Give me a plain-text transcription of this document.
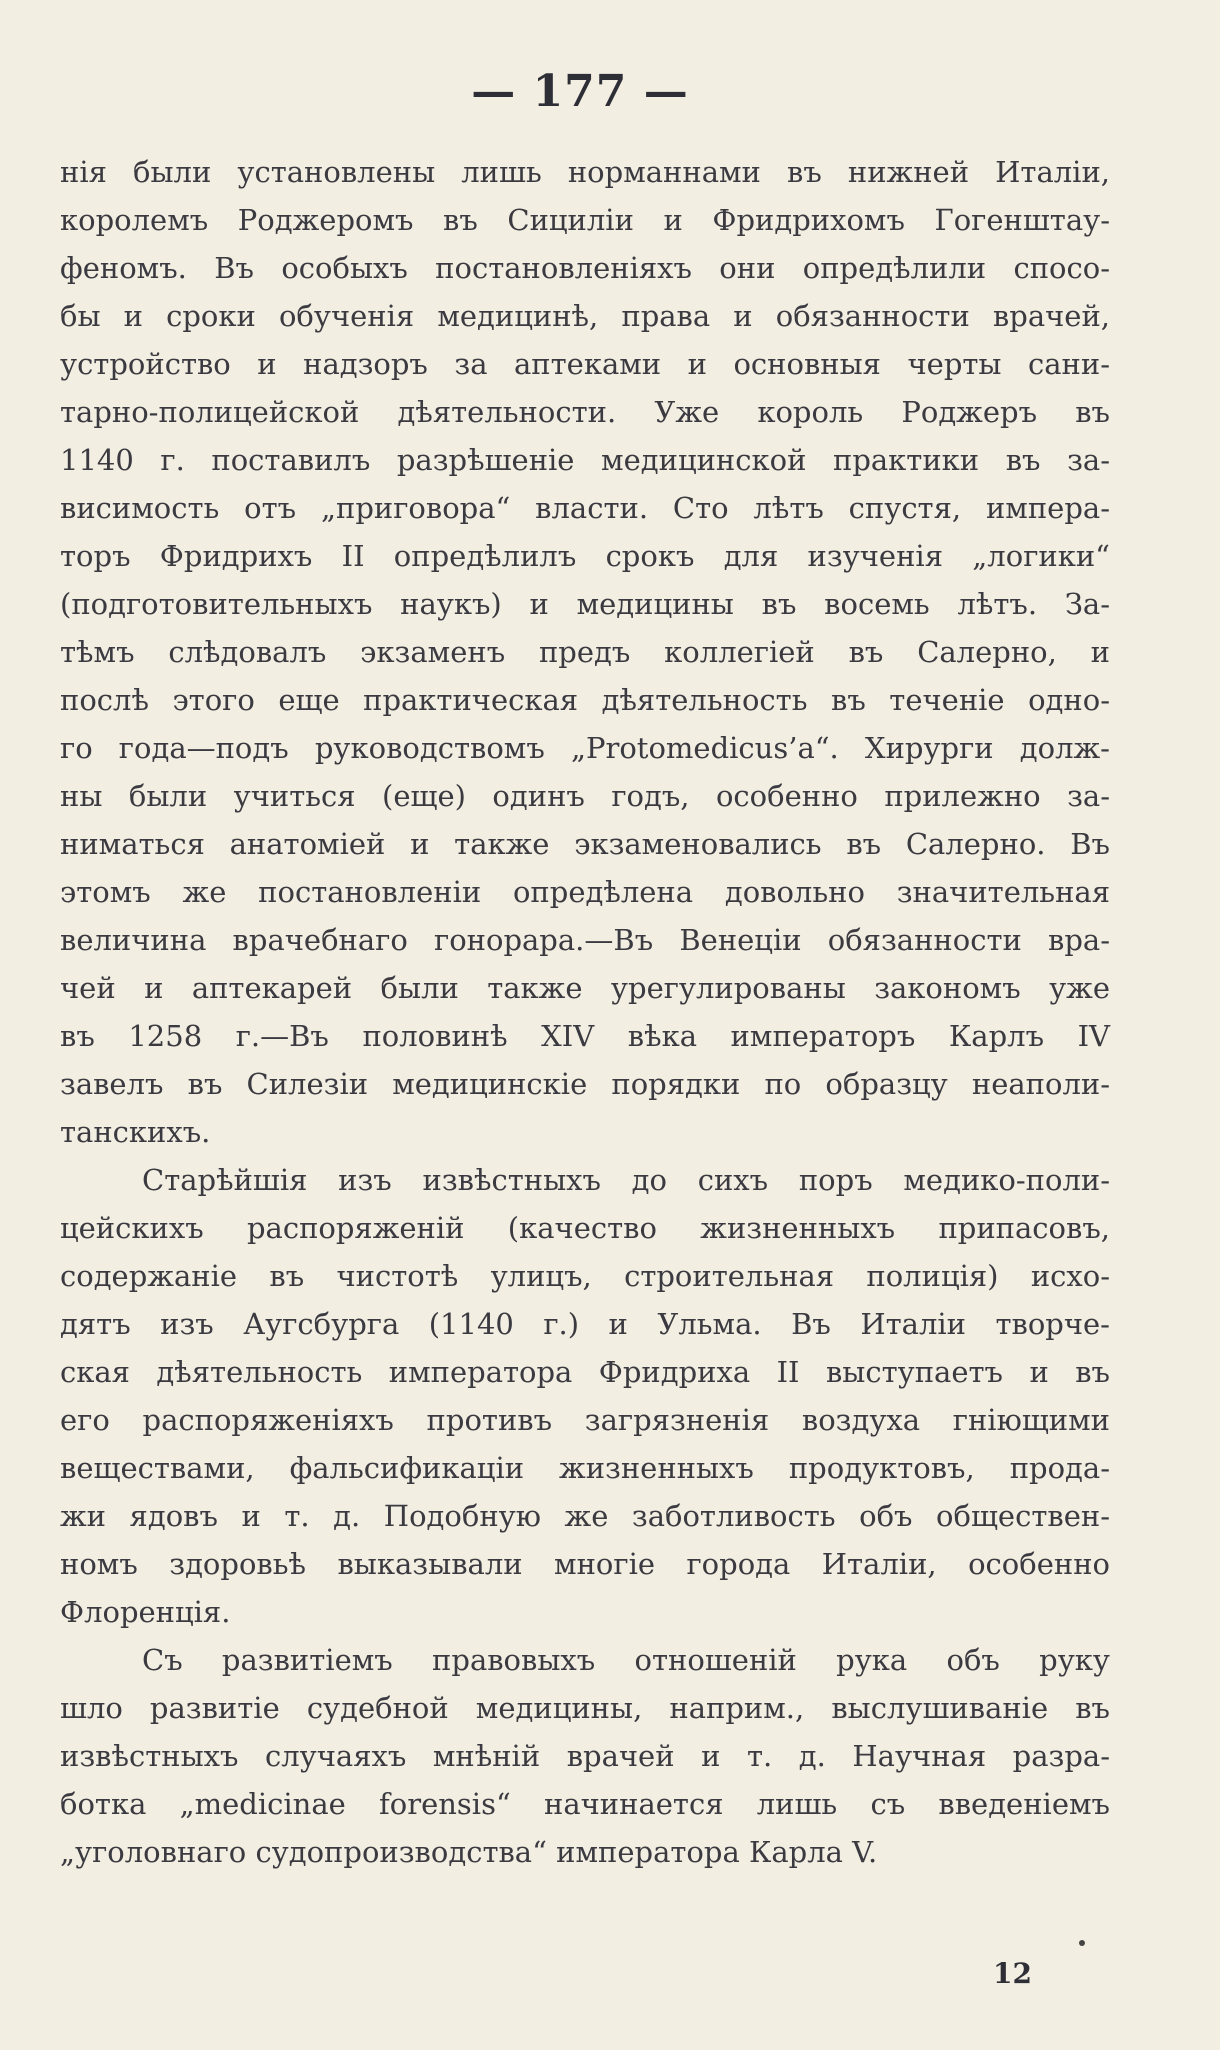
— 177 —
нія были установлены лишь норманнами въ нижней Италіи,
королемъ Роджеромъ въ Сициліи и Фридрихомъ Гогенштау-
феномъ. Въ особыхъ постановленіяхъ они опредѣлили спосо-
бы и сроки обученія медицинѣ, права и обязанности врачей,
устройство и надзоръ за аптеками и основныя черты сани-
тарно-полицейской дѣятельности. Уже король Роджеръ въ
1140 г. поставилъ разрѣшеніе медицинской практики въ за-
висимость отъ „приговора“ власти. Сто лѣтъ спустя, импера-
торъ Фридрихъ II опредѣлилъ срокъ для изученія „логики“
(подготовительныхъ наукъ) и медицины въ восемь лѣтъ. За-
тѣмъ слѣдовалъ экзаменъ предъ коллегіей въ Салерно, и
послѣ этого еще практическая дѣятельность въ теченіе одно-
го года—подъ руководствомъ „Protomedicus’a“. Хирурги долж-
ны были учиться (еще) одинъ годъ, особенно прилежно за-
ниматься анатоміей и также экзаменовались въ Салерно. Въ
этомъ же постановленіи опредѣлена довольно значительная
величина врачебнаго гонорара.—Въ Венеціи обязанности вра-
чей и аптекарей были также урегулированы закономъ уже
въ 1258 г.—Въ половинѣ XIV вѣка императоръ Карлъ IV
завелъ въ Силезіи медицинскіе порядки по образцу неаполи-
танскихъ.
Старѣйшія изъ извѣстныхъ до сихъ поръ медико-поли-
цейскихъ распоряженій (качество жизненныхъ припасовъ,
содержаніе въ чистотѣ улицъ, строительная полиція) исхо-
дятъ изъ Аугсбурга (1140 г.) и Ульма. Въ Италіи творче-
ская дѣятельность императора Фридриха II выступаетъ и въ
его распоряженіяхъ противъ загрязненія воздуха гніющими
веществами, фальсификаціи жизненныхъ продуктовъ, прода-
жи ядовъ и т. д. Подобную же заботливость объ обществен-
номъ здоровьѣ выказывали многіе города Италіи, особенно
Флоренція.
Съ развитіемъ правовыхъ отношеній рука объ руку
шло развитіе судебной медицины, наприм., выслушиваніе въ
извѣстныхъ случаяхъ мнѣній врачей и т. д. Научная разра-
ботка „medicinae forensis“ начинается лишь съ введеніемъ
„уголовнаго судопроизводства“ императора Карла V.
12
